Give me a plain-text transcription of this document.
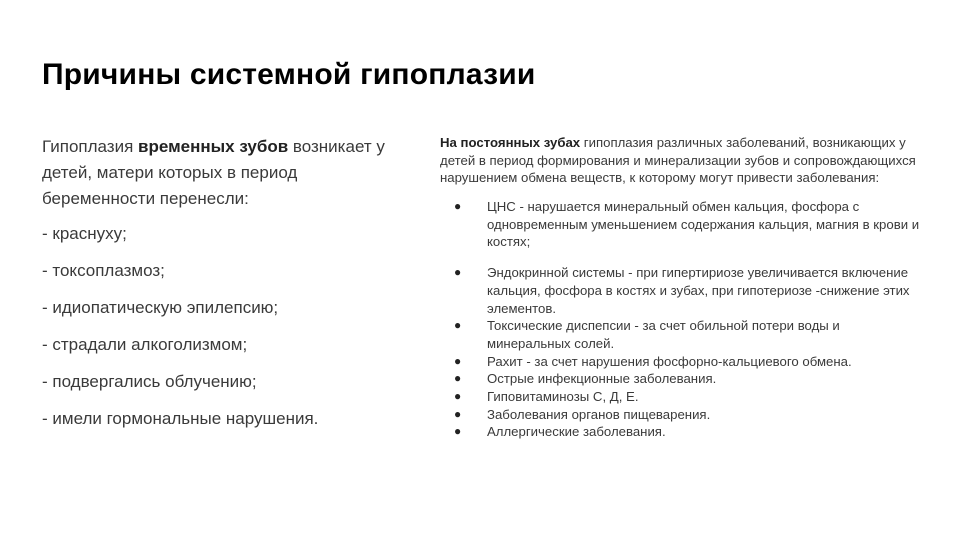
Причины системной гипоплазии

Гипоплазия временных зубов возникает у детей, матери которых в период беременности перенесли:

- краснуху;

- токсоплазмоз;

- идиопатическую эпилепсию;

- страдали алкоголизмом;

- подвергались облучению;

- имели гормональные нарушения.

На постоянных зубах гипоплазия различных заболеваний, возникающих у детей в период формирования и минерализации зубов и сопровождающихся нарушением обмена веществ, к которому могут привести заболевания:

● ЦНС - нарушается минеральный обмен кальция, фосфора с одновременным уменьшением содержания кальция, магния в крови и костях;
● Эндокринной системы - при гипертириозе увеличивается включение кальция, фосфора в костях и зубах, при гипотериозе -снижение этих элементов.
● Токсические диспепсии - за счет обильной потери воды и минеральных солей.
● Рахит - за счет нарушения фосфорно-кальциевого обмена.
● Острые инфекционные заболевания.
● Гиповитаминозы С, Д, Е.
● Заболевания органов пищеварения.
● Аллергические заболевания.
